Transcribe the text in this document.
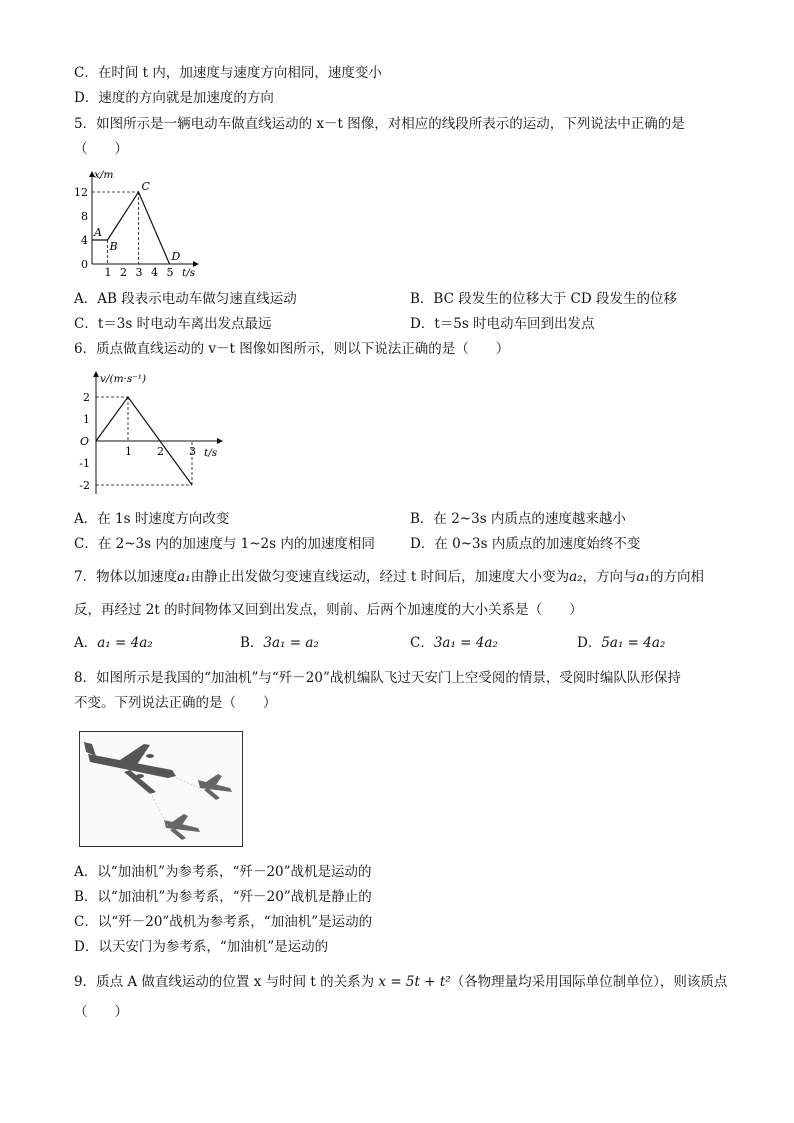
C．在时间 t 内，加速度与速度方向相同，速度变小
D．速度的方向就是加速度的方向
5．如图所示是一辆电动车做直线运动的 x－t 图像，对相应的线段所表示的运动，下列说法中正确的是
（　　）
1 2 3 4 5
0
4
8
12
A
B
C
D
x/m
t/s
A．AB 段表示电动车做匀速直线运动	B．BC 段发生的位移大于 CD 段发生的位移
C．t＝3s 时电动车离出发点最远	D．t＝5s 时电动车回到出发点
6．质点做直线运动的 v－t 图像如图所示，则以下说法正确的是（　　）
1 2 3
2
1
-1
-2
O
v/(m·s⁻¹)
t/s
A．在 1s 时速度方向改变	B．在 2~3s 内质点的速度越来越小
C．在 2~3s 内的加速度与 1~2s 内的加速度相同	D．在 0~3s 内质点的加速度始终不变
7．物体以加速度a₁由静止出发做匀变速直线运动，经过 t 时间后，加速度大小变为a₂，方向与a₁的方向相
反，再经过 2t 的时间物体又回到出发点，则前、后两个加速度的大小关系是（　　）
A．a₁ = 4a₂	B．3a₁ = a₂	C．3a₁ = 4a₂	D．5a₁ = 4a₂
8．如图所示是我国的“加油机”与“歼－20”战机编队飞过天安门上空受阅的情景，受阅时编队队形保持
不变。下列说法正确的是（　　）
A．以“加油机”为参考系，“歼－20”战机是运动的
B．以“加油机”为参考系，“歼－20”战机是静止的
C．以“歼－20”战机为参考系，“加油机”是运动的
D．以天安门为参考系，“加油机”是运动的
9．质点 A 做直线运动的位置 x 与时间 t 的关系为 x = 5t + t²（各物理量均采用国际单位制单位），则该质点
（　　）
